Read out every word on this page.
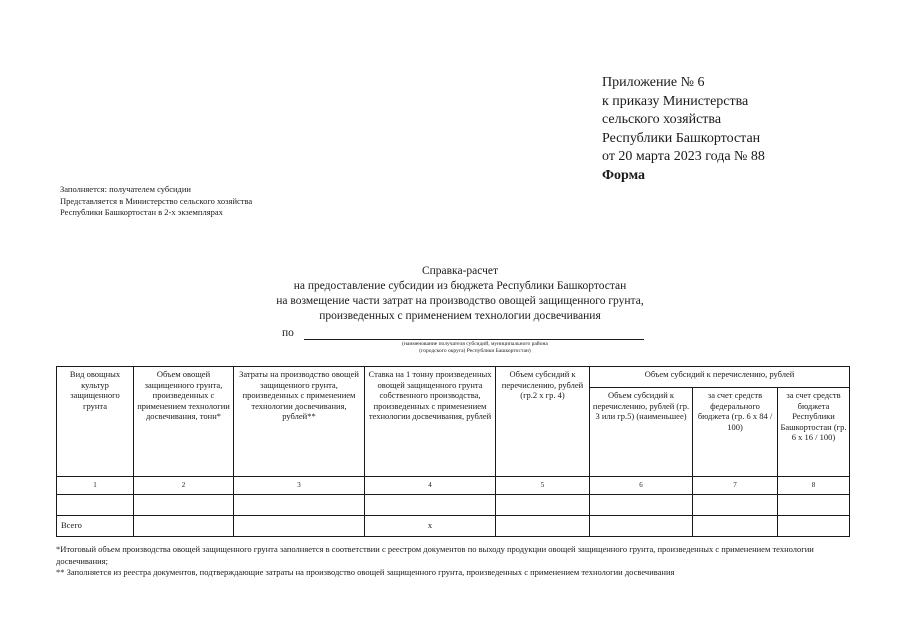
Приложение № 6
к приказу Министерства
сельского хозяйства
Республики Башкортостан
от 20 марта 2023 года № 88
Форма
Заполняется: получателем субсидии
Представляется в Министерство сельского хозяйства
Республики Башкортостан в 2-х экземплярах
Справка-расчет
на предоставление субсидии из бюджета Республики Башкортостан
на возмещение части затрат на производство овощей защищенного грунта,
произведенных с применением технологии досвечивания
по
(наименование получателя субсидий, муниципального района
(городского округа) Республики Башкортостан)
Вид овощных культур защищенного грунта	Объем овощей защищенного грунта, произведенных с применением технологии досвечивания, тонн*	Затраты на производство овощей защищенного грунта, произведенных с применением технологии досвечивания, рублей**	Ставка на 1 тонну произведенных овощей защищенного грунта собственного производства, произведенных с применением технологии досвечивания, рублей	Объем субсидий к перечислению, рублей (гр.2 х гр. 4)	Объем субсидий к перечислению, рублей		
					Объем субсидий к перечислению, рублей (гр. 3 или гр.5) (наименьшее)	за счет средств федерального бюджета (гр. 6 х 84 / 100)	за счет средств бюджета Республики Башкортостан (гр. 6 х 16 / 100)
1	2	3	4	5	6	7	8

Всего			x				
*Итоговый объем производства овощей защищенного грунта заполняется в соответствии с реестром документов по выходу продукции овощей защищенного грунта, произведенных с применением технологии досвечивания;
** Заполняется из реестра документов, подтверждающие затраты на производство овощей защищенного грунта, произведенных с применением технологии досвечивания
